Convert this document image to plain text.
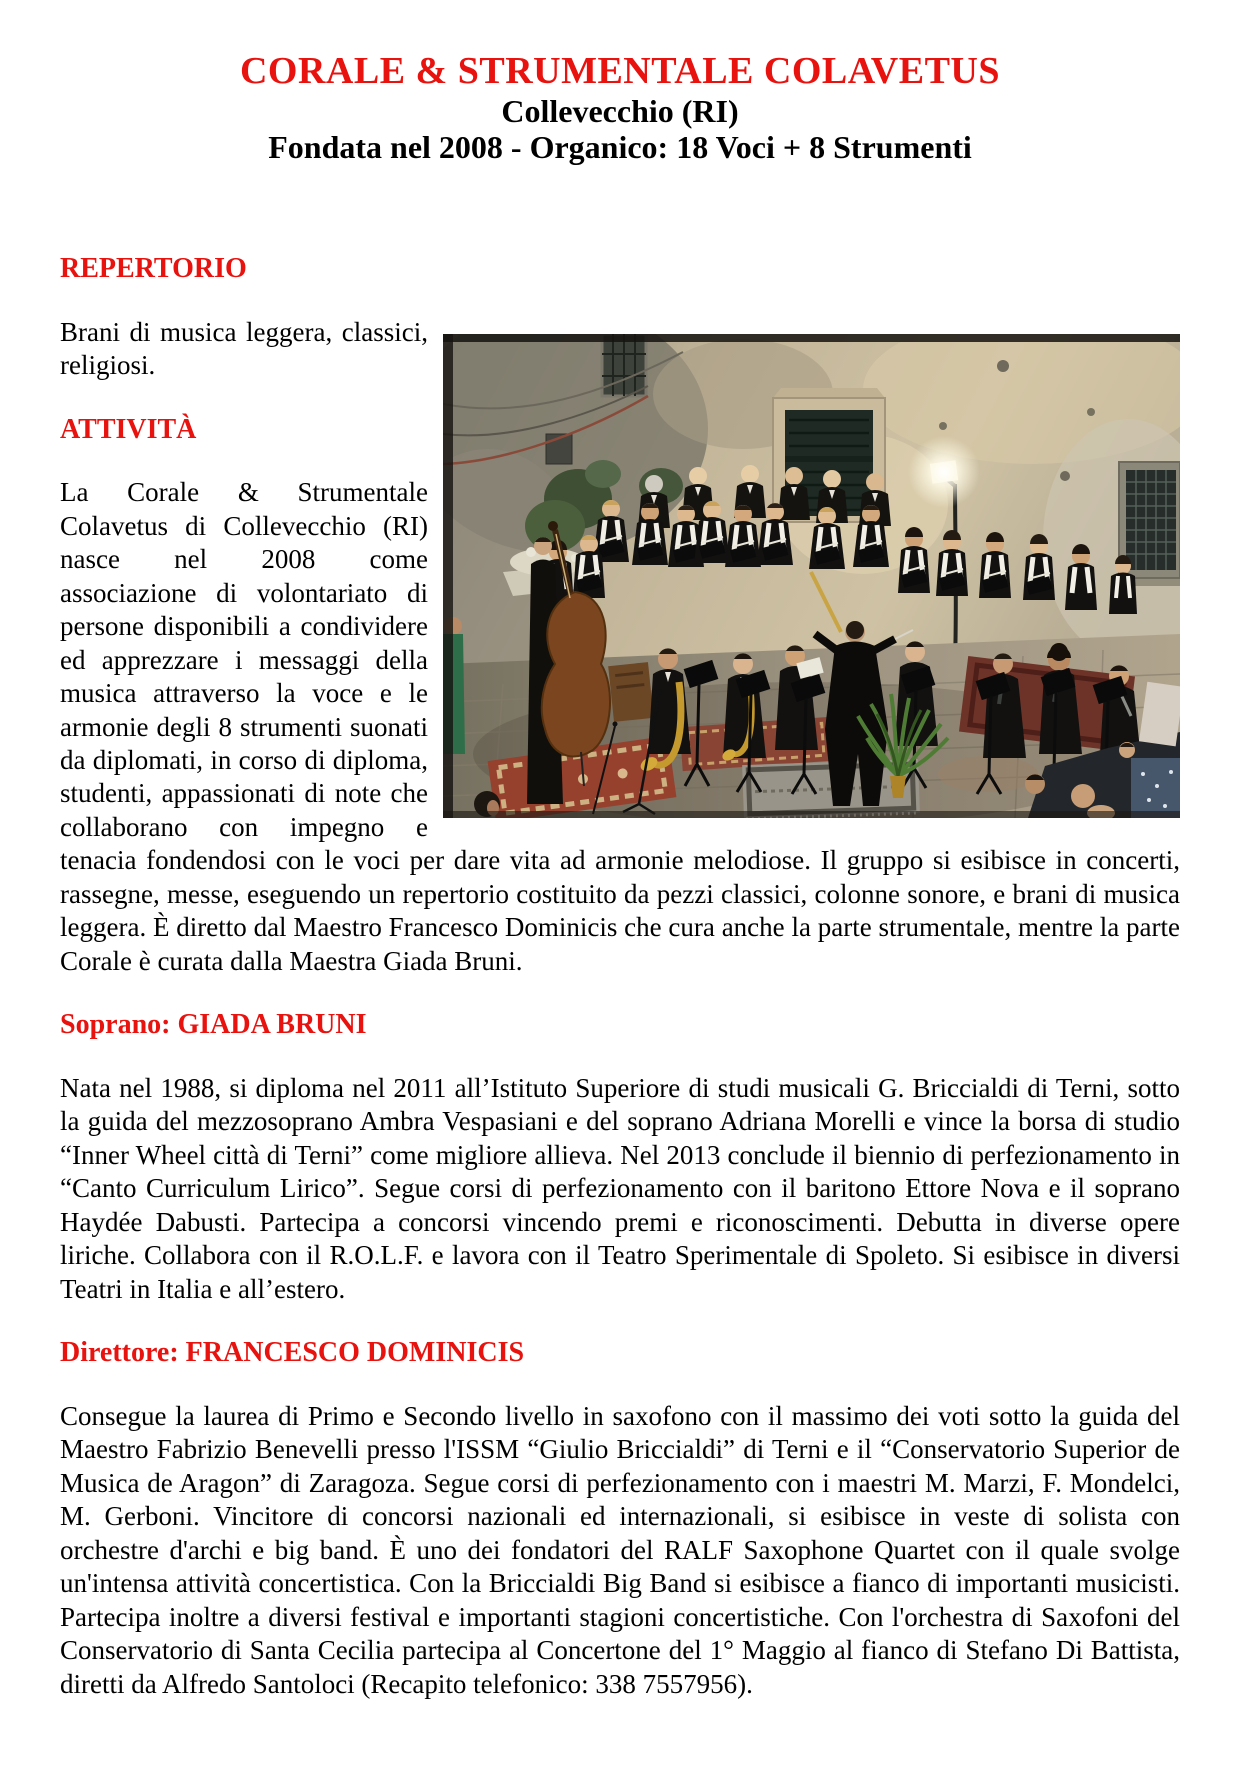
CORALE & STRUMENTALE COLAVETUS
Collevecchio (RI)
Fondata nel 2008 - Organico: 18 Voci + 8 Strumenti
REPERTORIO

Brani di musica leggera, classici, religiosi.

ATTIVITÀ

La Corale & Strumentale Colavetus di Collevecchio (RI) nasce nel 2008 come associazione di volontariato di persone disponibili a condividere ed apprezzare i messaggi della musica attraverso la voce e le armonie degli 8 strumenti suonati da diplomati, in corso di diploma, studenti, appassionati di note che collaborano con impegno e tenacia fondendosi con le voci per dare vita ad armonie melodiose. Il gruppo si esibisce in concerti, rassegne, messe, eseguendo un repertorio costituito da pezzi classici, colonne sonore, e brani di musica leggera. È diretto dal Maestro Francesco Dominicis che cura anche la parte strumentale, mentre la parte Corale è curata dalla Maestra Giada Bruni.

Soprano: GIADA BRUNI

Nata nel 1988, si diploma nel 2011 all’Istituto Superiore di studi musicali G. Briccialdi di Terni, sotto la guida del mezzosoprano Ambra Vespasiani e del soprano Adriana Morelli e vince la borsa di studio “Inner Wheel città di Terni” come migliore allieva. Nel 2013 conclude il biennio di perfezionamento in “Canto Curriculum Lirico”. Segue corsi di perfezionamento con il baritono Ettore Nova e il soprano Haydée Dabusti. Partecipa a concorsi vincendo premi e riconoscimenti. Debutta in diverse opere liriche. Collabora con il R.O.L.F. e lavora con il Teatro Sperimentale di Spoleto. Si esibisce in diversi Teatri in Italia e all’estero.

Direttore: FRANCESCO DOMINICIS

Consegue la laurea di Primo e Secondo livello in saxofono con il massimo dei voti sotto la guida del Maestro Fabrizio Benevelli presso l'ISSM “Giulio Briccialdi” di Terni e il “Conservatorio Superior de Musica de Aragon” di Zaragoza. Segue corsi di perfezionamento con i maestri M. Marzi, F. Mondelci, M. Gerboni. Vincitore di concorsi nazionali ed internazionali, si esibisce in veste di solista con orchestre d'archi e big band. È uno dei fondatori del RALF Saxophone Quartet con il quale svolge un'intensa attività concertistica. Con la Briccialdi Big Band si esibisce a fianco di importanti musicisti. Partecipa inoltre a diversi festival e importanti stagioni concertistiche. Con l'orchestra di Saxofoni del Conservatorio di Santa Cecilia partecipa al Concertone del 1° Maggio al fianco di Stefano Di Battista, diretti da Alfredo Santoloci (Recapito telefonico: 338 7557956).
